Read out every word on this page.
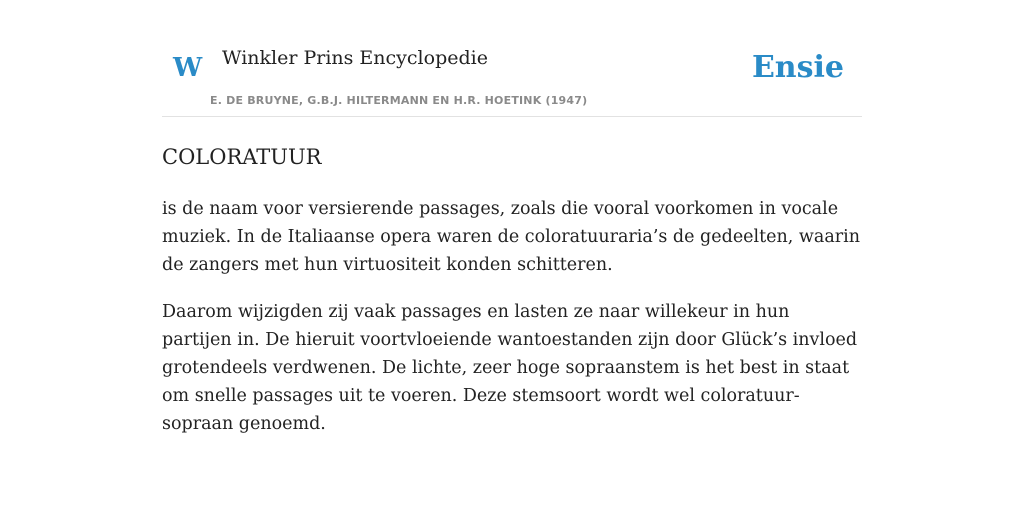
W Winkler Prins Encyclopedie
E. DE BRUYNE, G.B.J. HILTERMANN EN H.R. HOETINK (1947)
Ensie
COLORATUUR

is de naam voor versierende passages, zoals die vooral voorkomen in vocale muziek. In de Italiaanse opera waren de coloratuuraria’s de gedeelten, waarin de zangers met hun virtuositeit konden schitteren.

Daarom wijzigden zij vaak passages en lasten ze naar willekeur in hun partijen in. De hieruit voortvloeiende wantoestanden zijn door Glück’s invloed grotendeels verdwenen. De lichte, zeer hoge sopraanstem is het best in staat om snelle passages uit te voeren. Deze stemsoort wordt wel coloratuur-sopraan genoemd.
